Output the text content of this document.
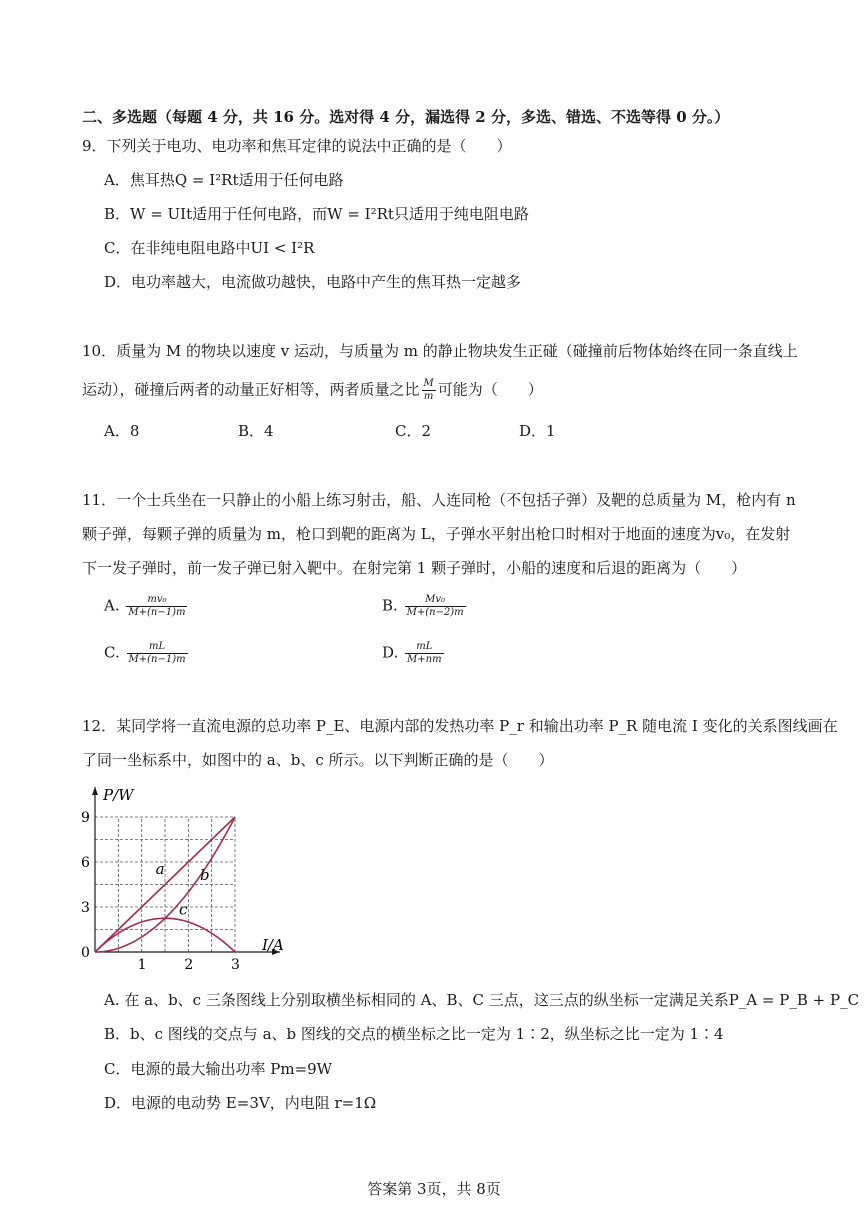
二、多选题（每题 4 分，共 16 分。选对得 4 分，漏选得 2 分，多选、错选、不选等得 0 分。）
9．下列关于电功、电功率和焦耳定律的说法中正确的是（　　）
A．焦耳热Q = I²Rt适用于任何电路
B．W = UIt适用于任何电路，而W = I²Rt只适用于纯电阻电路
C．在非纯电阻电路中UI < I²R
D．电功率越大，电流做功越快，电路中产生的焦耳热一定越多
10．质量为 M 的物块以速度 v 运动，与质量为 m 的静止物块发生正碰（碰撞前后物体始终在同一条直线上
运动），碰撞后两者的动量正好相等，两者质量之比 $\frac{M}{m}$ 可能为（　　）
A．8	B．4	C．2	D．1
11．一个士兵坐在一只静止的小船上练习射击，船、人连同枪（不包括子弹）及靶的总质量为 M，枪内有 n
颗子弹，每颗子弹的质量为 m，枪口到靶的距离为 L，子弹水平射出枪口时相对于地面的速度为v₀，在发射
下一发子弹时，前一发子弹已射入靶中。在射完第 1 颗子弹时，小船的速度和后退的距离为（　　）
A. $\frac{\text{mv₀}}{M+(n-1)m}$	B. $\frac{\text{Mv₀}}{M+(n-2)m}$
C. $\frac{mL}{M+(n-1)m}$	D. $\frac{mL}{M+nm}$
12．某同学将一直流电源的总功率 P_E、电源内部的发热功率 P_r 和输出功率 P_R 随电流 I 变化的关系图线画在
了同一坐标系中，如图中的 a、b、c 所示。以下判断正确的是（　　）
P/W
I/A
0
1	2	3
3
6
9
a b
c
A. 在 a、b、c 三条图线上分别取横坐标相同的 A、B、C 三点，这三点的纵坐标一定满足关系P_A = P_B + P_C
B．b、c 图线的交点与 a、b 图线的交点的横坐标之比一定为 1∶2，纵坐标之比一定为 1∶4
C．电源的最大输出功率 Pm=9W
D．电源的电动势 E=3V，内电阻 r=1Ω
答案第 3页，共 8页
